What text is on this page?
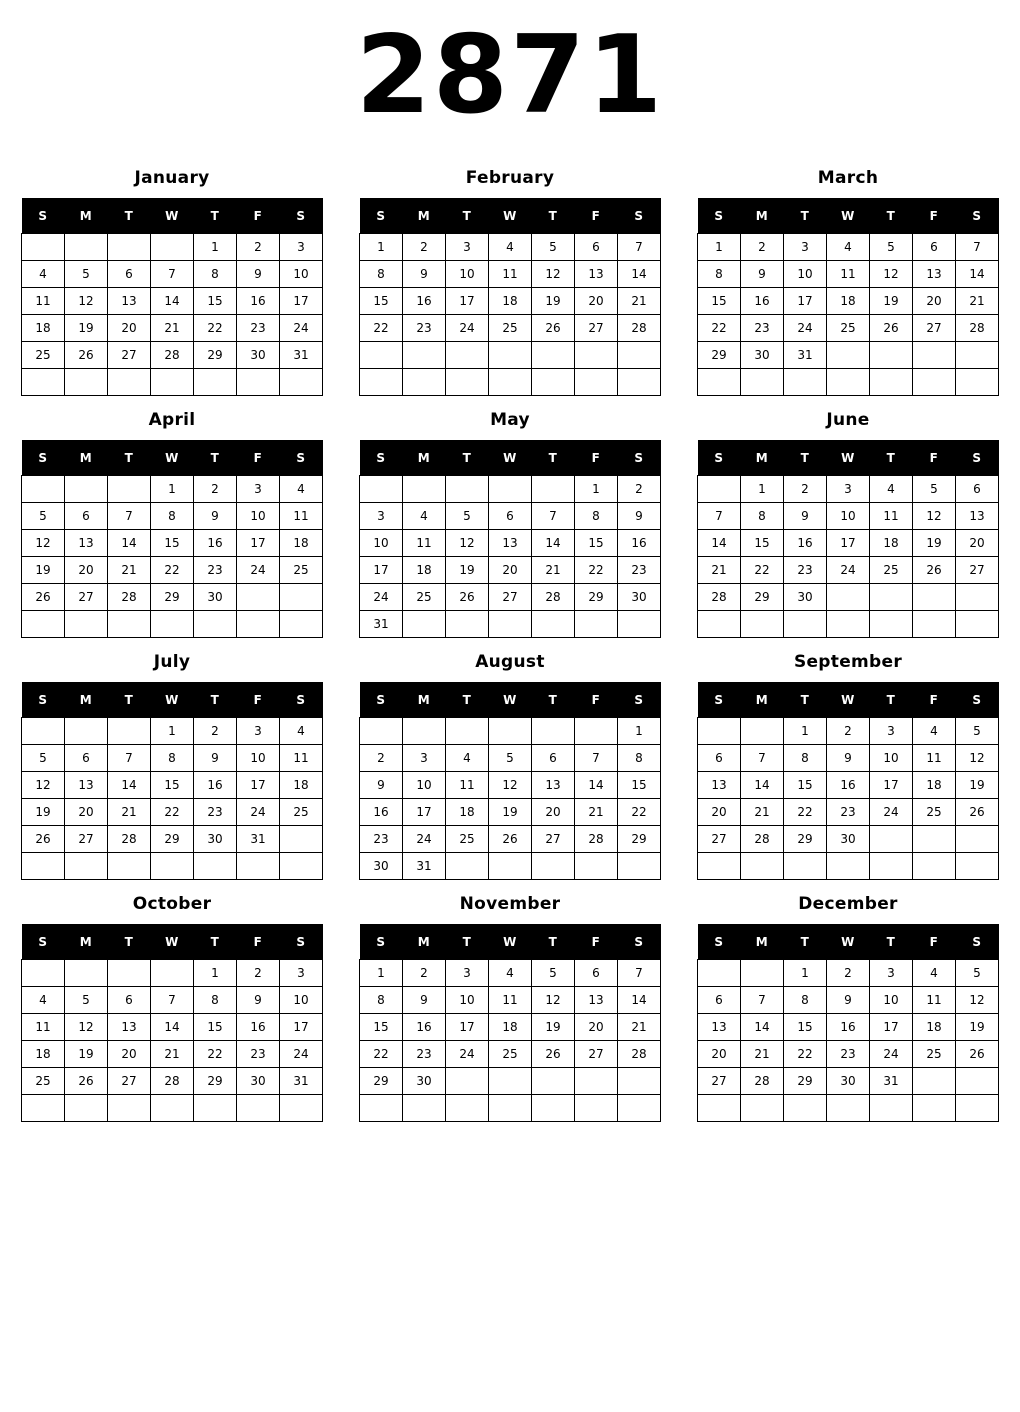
2871
January
S	M	T	W	T	F	S
				1	2	3
4	5	6	7	8	9	10
11	12	13	14	15	16	17
18	19	20	21	22	23	24
25	26	27	28	29	30	31

February
S	M	T	W	T	F	S
1	2	3	4	5	6	7
8	9	10	11	12	13	14
15	16	17	18	19	20	21
22	23	24	25	26	27	28

March
S	M	T	W	T	F	S
1	2	3	4	5	6	7
8	9	10	11	12	13	14
15	16	17	18	19	20	21
22	23	24	25	26	27	28
29	30	31				

April
S	M	T	W	T	F	S
			1	2	3	4
5	6	7	8	9	10	11
12	13	14	15	16	17	18
19	20	21	22	23	24	25
26	27	28	29	30		

May
S	M	T	W	T	F	S
					1	2
3	4	5	6	7	8	9
10	11	12	13	14	15	16
17	18	19	20	21	22	23
24	25	26	27	28	29	30
31						
June
S	M	T	W	T	F	S
	1	2	3	4	5	6
7	8	9	10	11	12	13
14	15	16	17	18	19	20
21	22	23	24	25	26	27
28	29	30				

July
S	M	T	W	T	F	S
			1	2	3	4
5	6	7	8	9	10	11
12	13	14	15	16	17	18
19	20	21	22	23	24	25
26	27	28	29	30	31	

August
S	M	T	W	T	F	S
						1
2	3	4	5	6	7	8
9	10	11	12	13	14	15
16	17	18	19	20	21	22
23	24	25	26	27	28	29
30	31					
September
S	M	T	W	T	F	S
		1	2	3	4	5
6	7	8	9	10	11	12
13	14	15	16	17	18	19
20	21	22	23	24	25	26
27	28	29	30			

October
S	M	T	W	T	F	S
				1	2	3
4	5	6	7	8	9	10
11	12	13	14	15	16	17
18	19	20	21	22	23	24
25	26	27	28	29	30	31

November
S	M	T	W	T	F	S
1	2	3	4	5	6	7
8	9	10	11	12	13	14
15	16	17	18	19	20	21
22	23	24	25	26	27	28
29	30					

December
S	M	T	W	T	F	S
		1	2	3	4	5
6	7	8	9	10	11	12
13	14	15	16	17	18	19
20	21	22	23	24	25	26
27	28	29	30	31		
